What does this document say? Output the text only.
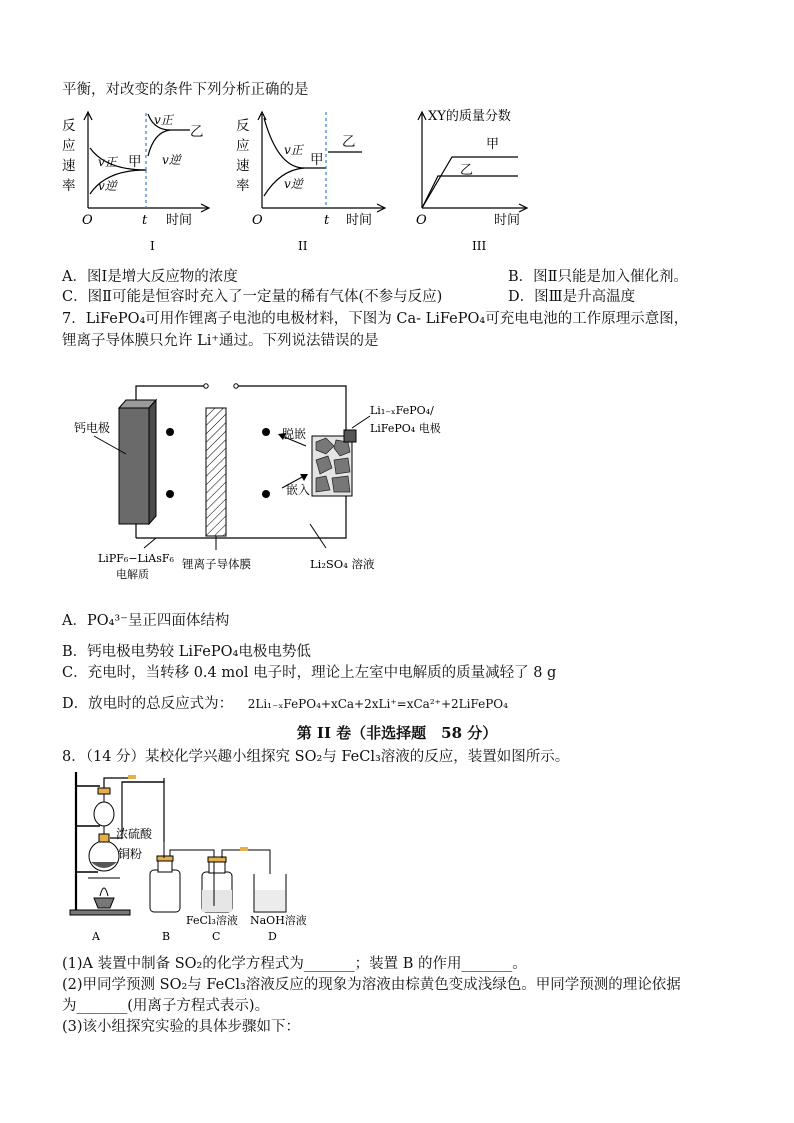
平衡，对改变的条件下列分析正确的是
反
应
速
率
v正
v逆
v正
v逆
甲
乙
O	t 时间
I
反
应
速
率
v正
v逆
甲
乙
O	t 时间
II
XY的质量分数
甲
乙
O	时间
III
A．图Ⅰ是增大反应物的浓度	B．图Ⅱ只能是加入催化剂。
C．图Ⅱ可能是恒容时充入了一定量的稀有气体(不参与反应)	D．图Ⅲ是升高温度
7．LiFePO₄可用作锂离子电池的电极材料，下图为 Ca- LiFePO₄可充电电池的工作原理示意图，
锂离子导体膜只允许 Li⁺通过。下列说法错误的是
钙电极	脱嵌
嵌入
Li₁₋ₓFePO₄/
LiFePO₄ 电极
LiPF₆−LiAsF₆
电解质
锂离子导体膜	Li₂SO₄ 溶液
A．PO₄³⁻呈正四面体结构
B．钙电极电势较 LiFePO₄电极电势低
C．充电时，当转移 0.4 mol 电子时，理论上左室中电解质的质量减轻了 8 g
D．放电时的总反应式为： 2Li₁₋ₓFePO₄+xCa+2xLi⁺=xCa²⁺+2LiFePO₄
第 II 卷（非选择题　58 分）
8．（14 分）某校化学兴趣小组探究 SO₂与 FeCl₃溶液的反应，装置如图所示。
浓硫酸
铜粉
FeCl₃溶液 NaOH溶液
A	B	C	D
(1)A 装置中制备 SO₂的化学方程式为_______；装置 B 的作用_______。
(2)甲同学预测 SO₂与 FeCl₃溶液反应的现象为溶液由棕黄色变成浅绿色。甲同学预测的理论依据
为_______(用离子方程式表示)。
(3)该小组探究实验的具体步骤如下：
